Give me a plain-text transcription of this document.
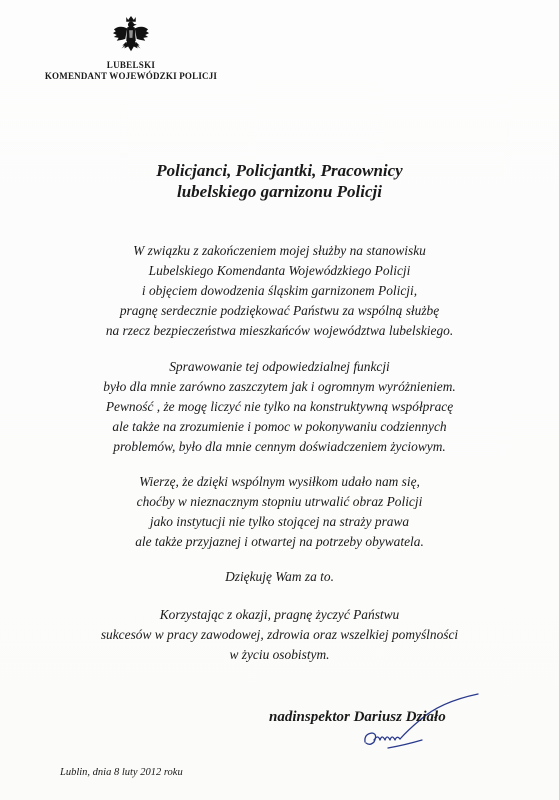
LUBELSKI
KOMENDANT WOJEWÓDZKI POLICJI
Policjanci, Policjantki, Pracownicy
lubelskiego garnizonu Policji
W związku z zakończeniem mojej służby na stanowisku
Lubelskiego Komendanta Wojewódzkiego Policji
i objęciem dowodzenia śląskim garnizonem Policji,
pragnę serdecznie podziękować Państwu za wspólną służbę
na rzecz bezpieczeństwa mieszkańców województwa lubelskiego.
Sprawowanie tej odpowiedzialnej funkcji
było dla mnie zarówno zaszczytem jak i ogromnym wyróżnieniem.
Pewność , że mogę liczyć nie tylko na konstruktywną współpracę
ale także na zrozumienie i pomoc w pokonywaniu codziennych
problemów, było dla mnie cennym doświadczeniem życiowym.
Wierzę, że dzięki wspólnym wysiłkom udało nam się,
choćby w nieznacznym stopniu utrwalić obraz Policji
jako instytucji nie tylko stojącej na straży prawa
ale także przyjaznej i otwartej na potrzeby obywatela.
Dziękuję Wam za to.
Korzystając z okazji, pragnę życzyć Państwu
sukcesów w pracy zawodowej, zdrowia oraz wszelkiej pomyślności
w życiu osobistym.
nadinspektor Dariusz Działo
Lublin, dnia 8 luty 2012 roku
